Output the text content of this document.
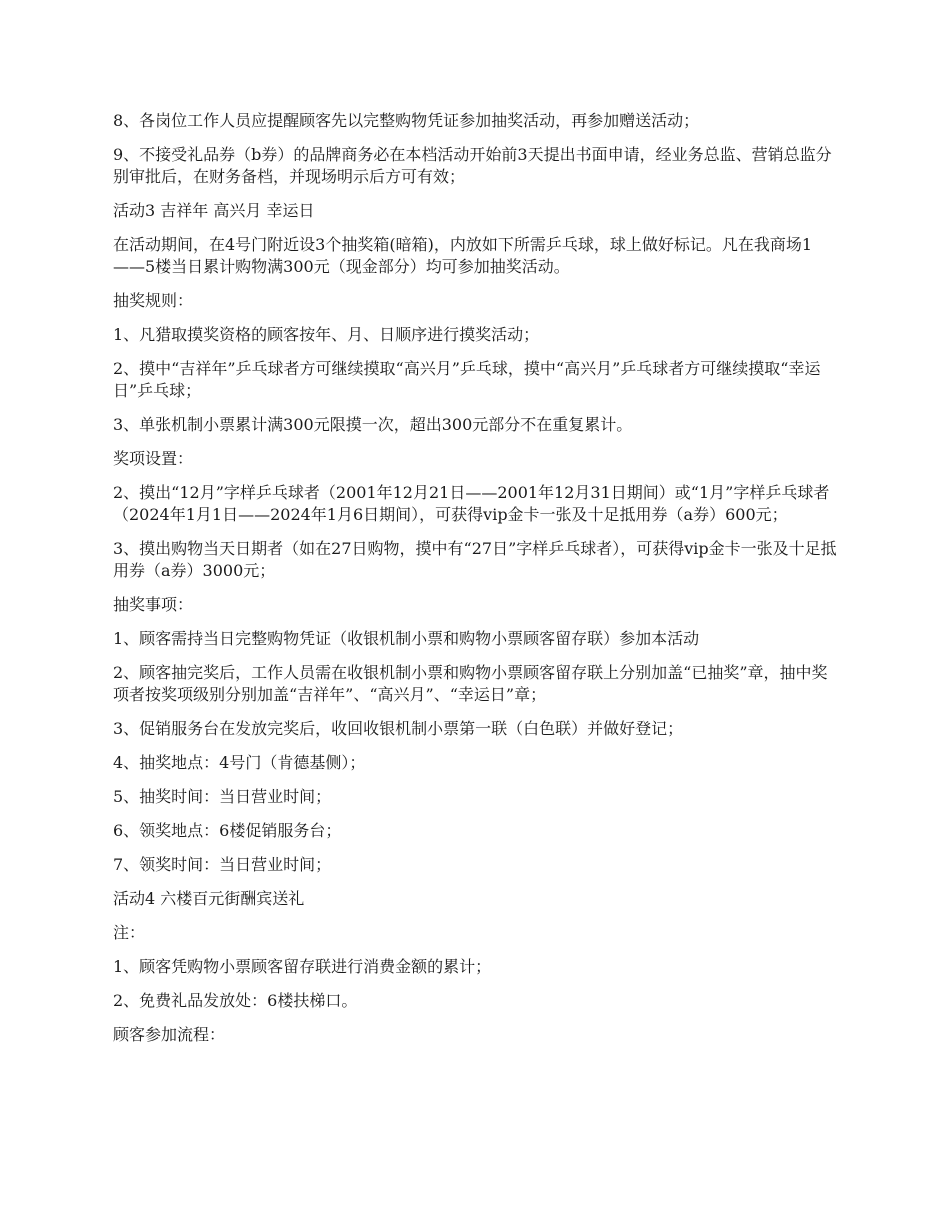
8、各岗位工作人员应提醒顾客先以完整购物凭证参加抽奖活动，再参加赠送活动；

9、不接受礼品券（b券）的品牌商务必在本档活动开始前3天提出书面申请，经业务总监、营销总监分别审批后，在财务备档，并现场明示后方可有效；

活动3 吉祥年 高兴月 幸运日

在活动期间，在4号门附近设3个抽奖箱(暗箱)，内放如下所需乒乓球，球上做好标记。凡在我商场1——5楼当日累计购物满300元（现金部分）均可参加抽奖活动。

抽奖规则：

1、凡猎取摸奖资格的顾客按年、月、日顺序进行摸奖活动；

2、摸中“吉祥年”乒乓球者方可继续摸取“高兴月”乒乓球，摸中“高兴月”乒乓球者方可继续摸取“幸运日”乒乓球；

3、单张机制小票累计满300元限摸一次，超出300元部分不在重复累计。

奖项设置：

2、摸出“12月”字样乒乓球者（2001年12月21日——2001年12月31日期间）或“1月”字样乒乓球者（2024年1月1日——2024年1月6日期间），可获得vip金卡一张及十足抵用券（a券）600元；

3、摸出购物当天日期者（如在27日购物，摸中有“27日”字样乒乓球者），可获得vip金卡一张及十足抵用券（a券）3000元；

抽奖事项：

1、顾客需持当日完整购物凭证（收银机制小票和购物小票顾客留存联）参加本活动

2、顾客抽完奖后，工作人员需在收银机制小票和购物小票顾客留存联上分别加盖“已抽奖”章，抽中奖项者按奖项级别分别加盖“吉祥年”、“高兴月”、“幸运日”章；

3、促销服务台在发放完奖后，收回收银机制小票第一联（白色联）并做好登记；

4、抽奖地点：4号门（肯德基侧）；

5、抽奖时间：当日营业时间；

6、领奖地点：6楼促销服务台；

7、领奖时间：当日营业时间；

活动4 六楼百元街酬宾送礼

注：

1、顾客凭购物小票顾客留存联进行消费金额的累计；

2、免费礼品发放处：6楼扶梯口。

顾客参加流程：
